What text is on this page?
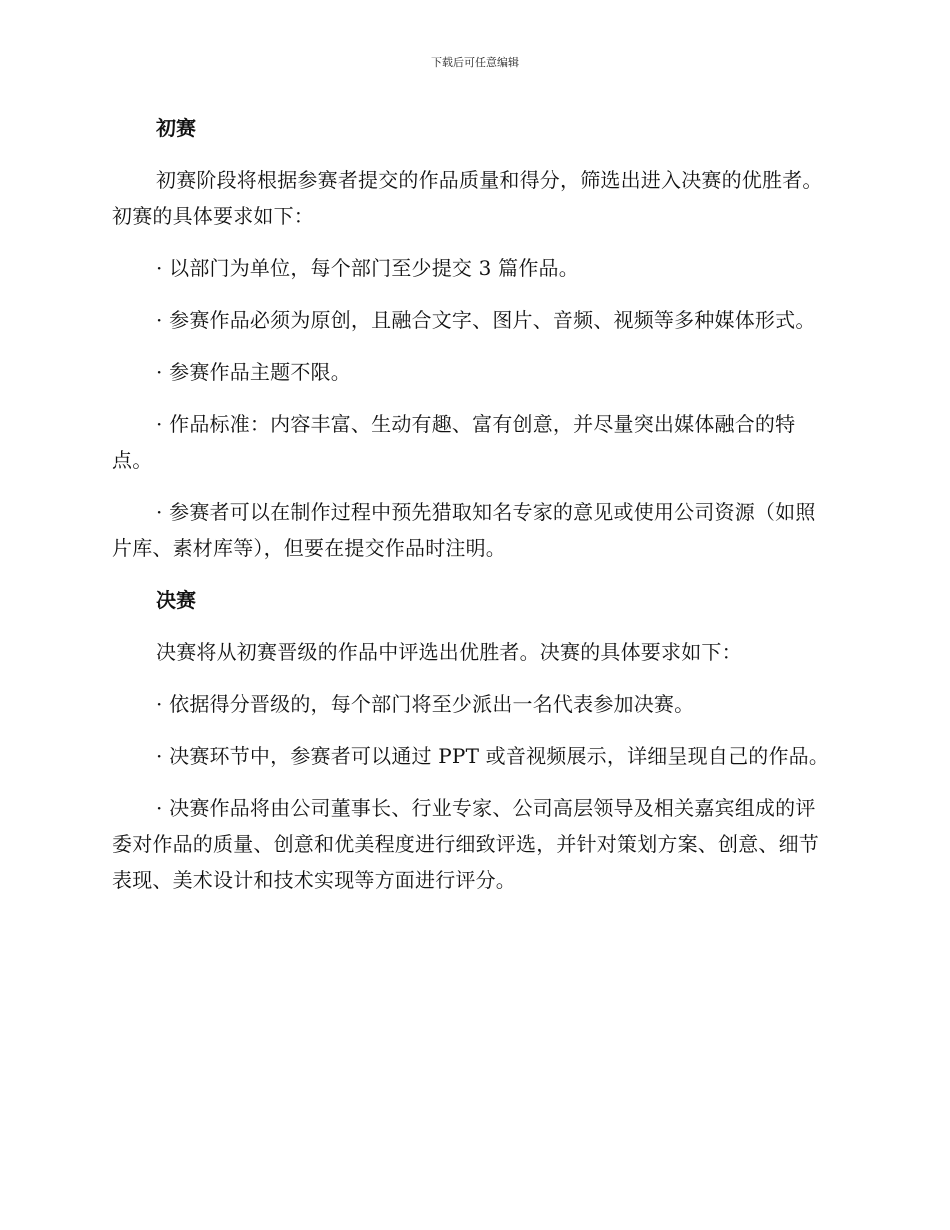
下载后可任意编辑
初赛

初赛阶段将根据参赛者提交的作品质量和得分，筛选出进入决赛的优胜者。初赛的具体要求如下：

· 以部门为单位，每个部门至少提交 3 篇作品。

· 参赛作品必须为原创，且融合文字、图片、音频、视频等多种媒体形式。

· 参赛作品主题不限。

· 作品标准：内容丰富、生动有趣、富有创意，并尽量突出媒体融合的特点。

· 参赛者可以在制作过程中预先猎取知名专家的意见或使用公司资源（如照片库、素材库等），但要在提交作品时注明。

决赛

决赛将从初赛晋级的作品中评选出优胜者。决赛的具体要求如下：

· 依据得分晋级的，每个部门将至少派出一名代表参加决赛。

· 决赛环节中，参赛者可以通过 PPT 或音视频展示，详细呈现自己的作品。

· 决赛作品将由公司董事长、行业专家、公司高层领导及相关嘉宾组成的评委对作品的质量、创意和优美程度进行细致评选，并针对策划方案、创意、细节表现、美术设计和技术实现等方面进行评分。
